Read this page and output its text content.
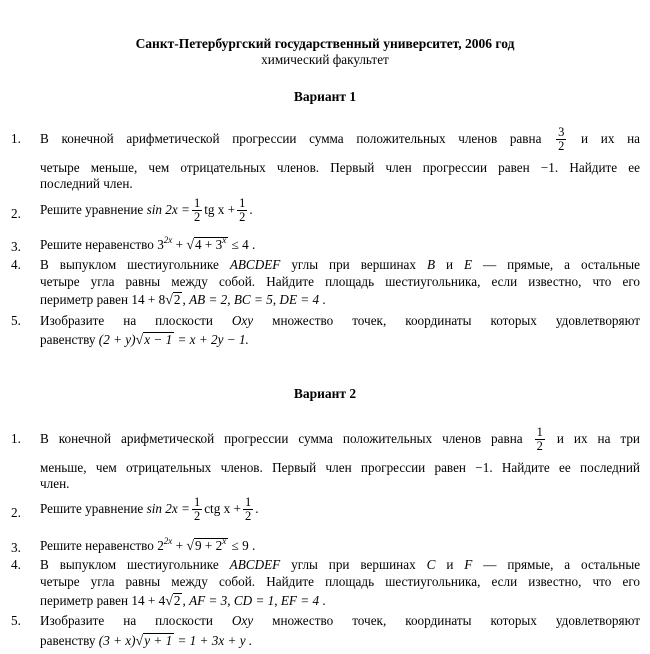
Санкт-Петербургский государственный университет, 2006 год
химический факультет
Вариант 1
1. В конечной арифметической прогрессии сумма положительных членов равна $\frac{3}{2}$ и их на
четыре меньше, чем отрицательных членов. Первый член прогрессии равен −1. Найдите ее
последний член.
2. Решите уравнение $\sin 2x = \frac{1}{2}$ tg $x + \frac{1}{2}$ .
3. Решите неравенство $3^{2x} + √4 + 3^x \le 4$ .
4. В выпуклом шестиугольнике ABCDEF углы при вершинах B и E — прямые, а остальные
четыре угла равны между собой. Найдите площадь шестиугольника, если известно, что его
периметр равен 14 + 8√2 , AB = 2, BC = 5, DE = 4 .
5. Изобразите на плоскости Oxy множество точек, координаты которых удовлетворяют
равенству (2 + y)√x − 1 = x + 2y − 1.
Вариант 2
1. В конечной арифметической прогрессии сумма положительных членов равна $\frac{1}{2}$ и их на три
меньше, чем отрицательных членов. Первый член прогрессии равен −1. Найдите ее последний
член.
2. Решите уравнение $\sin 2x = \frac{1}{2}$ ctg $x + \frac{1}{2}$ .
3. Решите неравенство $2^{2x} + √9 + 2^x \le 9$ .
4. В выпуклом шестиугольнике ABCDEF углы при вершинах C и F — прямые, а остальные
четыре угла равны между собой. Найдите площадь шестиугольника, если известно, что его
периметр равен 14 + 4√2 , AF = 3, CD = 1, EF = 4 .
5. Изобразите на плоскости Oxy множество точек, координаты которых удовлетворяют
равенству (3 + x)√y + 1 = 1 + 3x + y .
